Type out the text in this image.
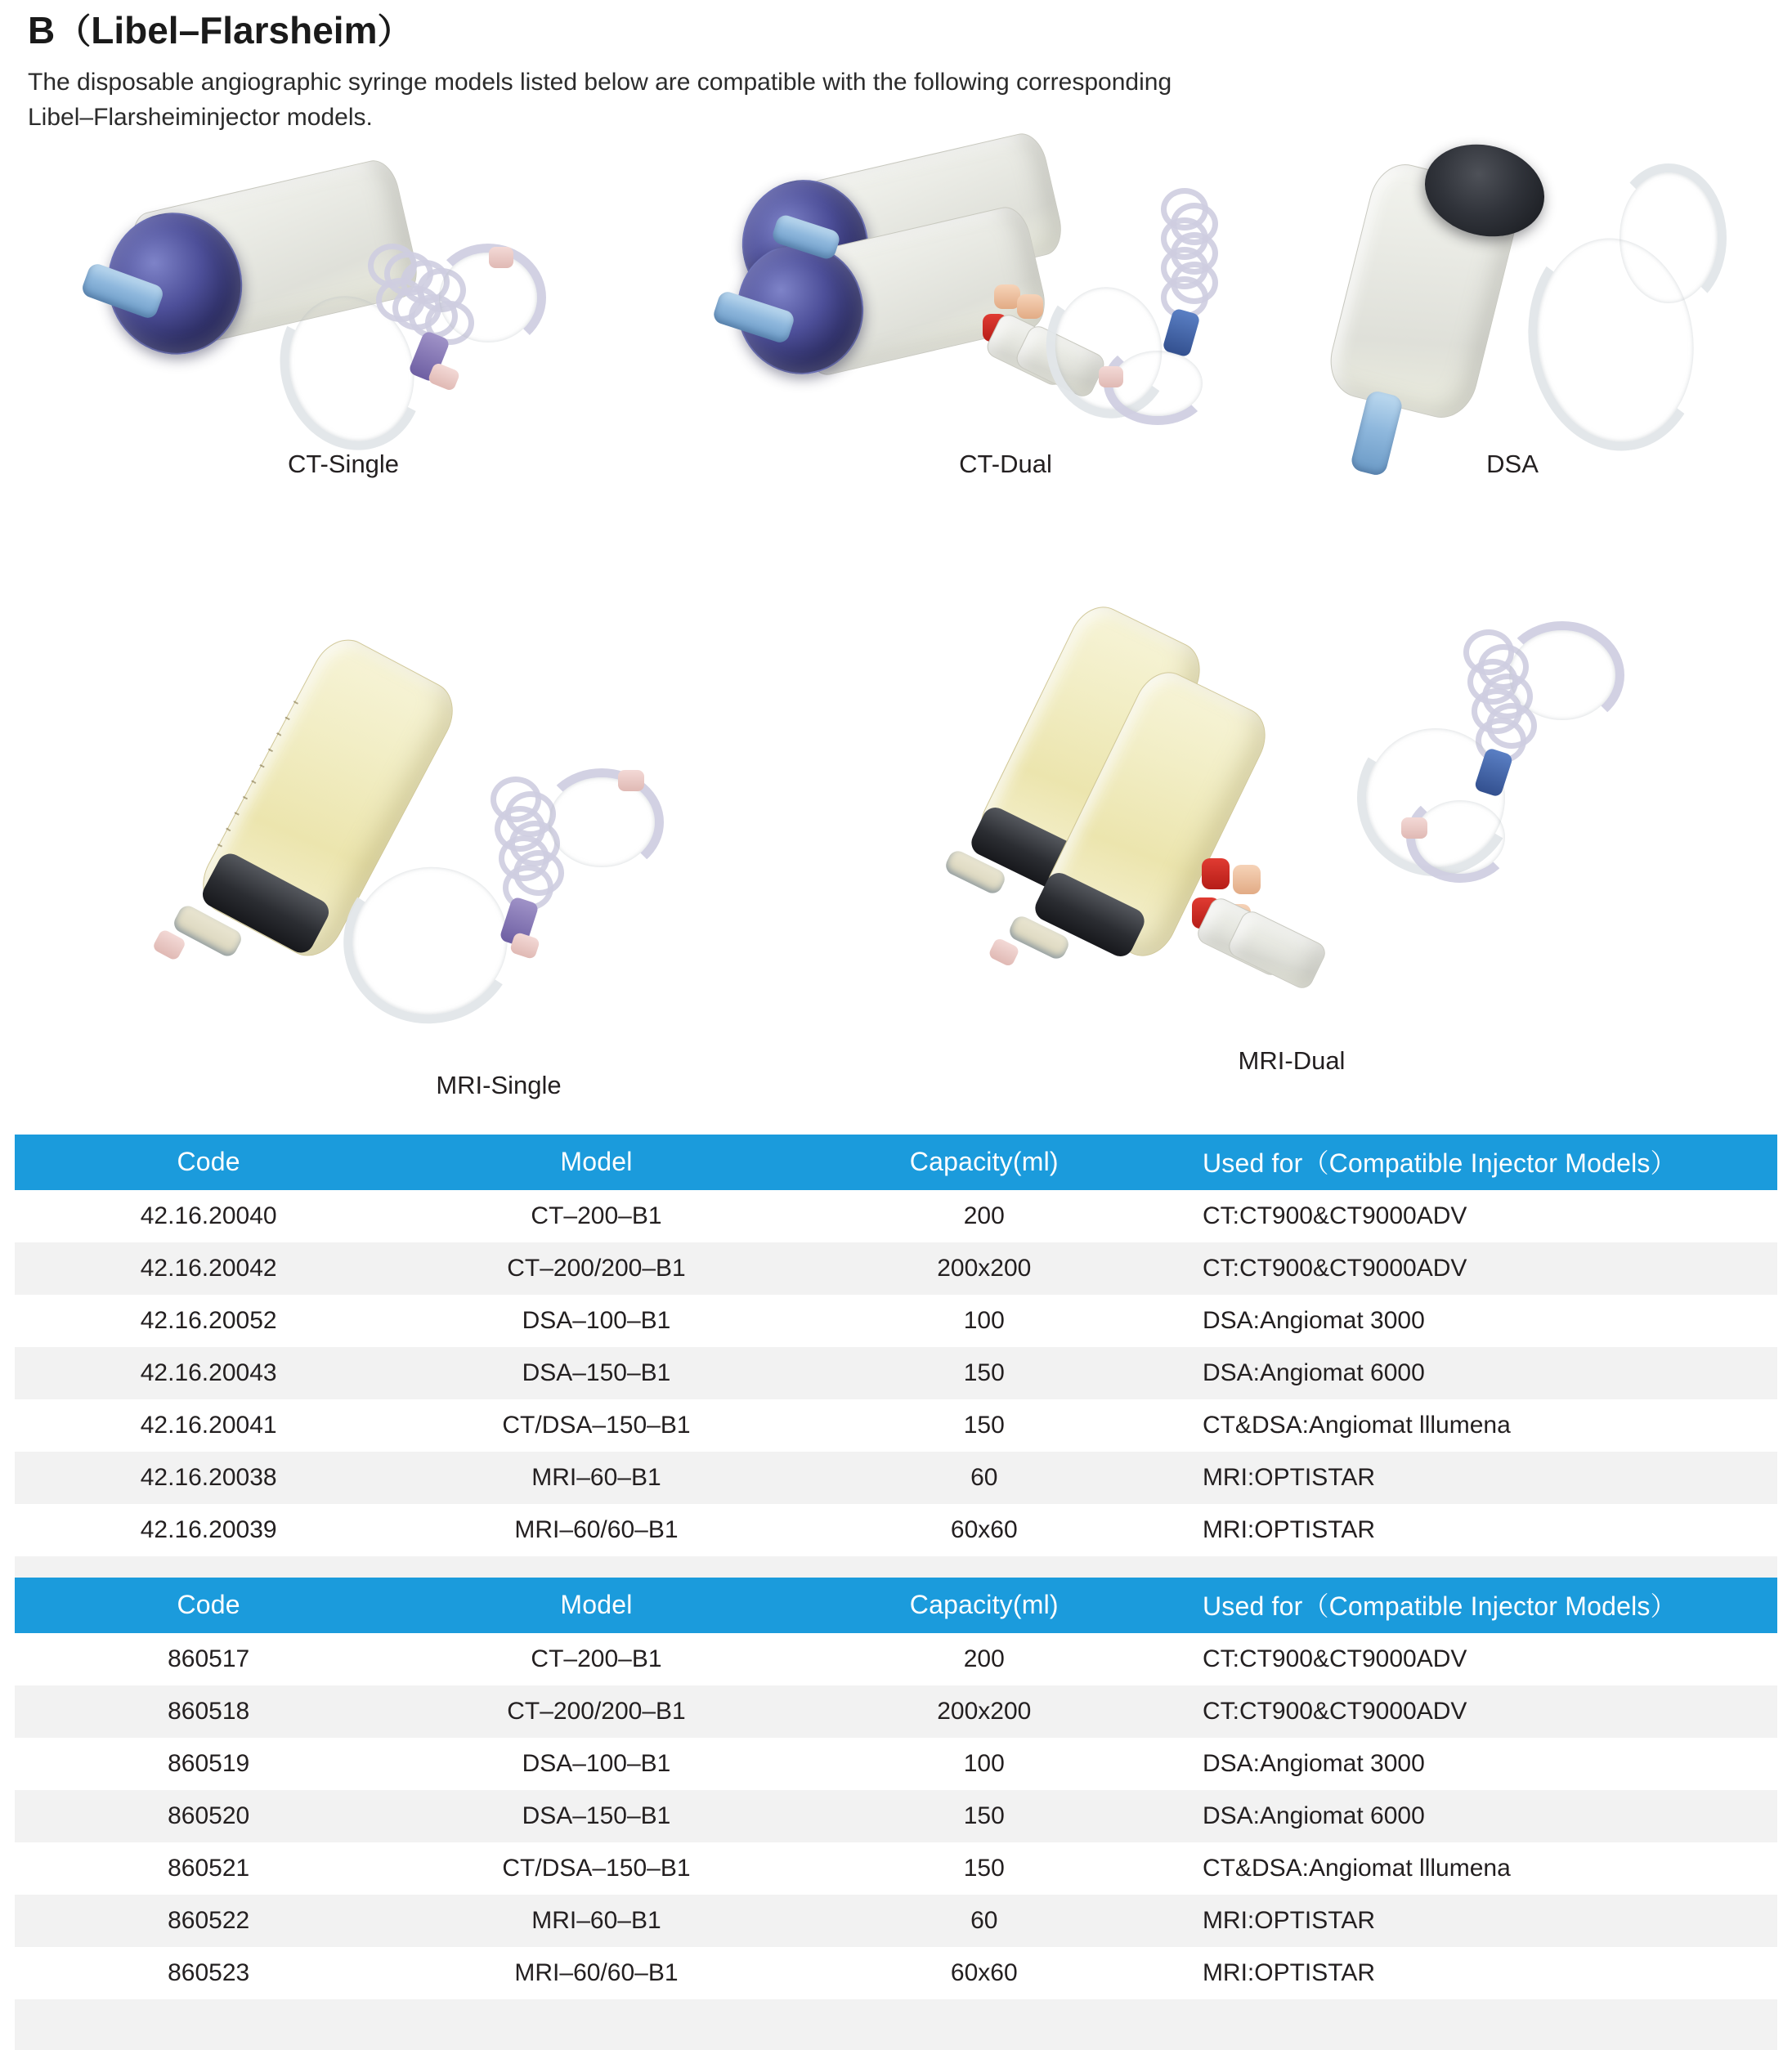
B （ Libel–Flarsheim ）
The disposable angiographic syringe models listed below are compatible with the following corresponding
Libel–Flarsheiminjector models.
CT-Single	CT-Dual	DSA
MRI-Single
MRI-Dual
Code	Model	Capacity(ml)	Used for（Compatible Injector Models）
42.16.20040	CT–200–B1	200	CT:CT900&CT9000ADV
42.16.20042	CT–200/200–B1	200x200	CT:CT900&CT9000ADV
42.16.20052	DSA–100–B1	100	DSA:Angiomat 3000
42.16.20043	DSA–150–B1	150	DSA:Angiomat 6000
42.16.20041	CT/DSA–150–B1	150	CT&DSA:Angiomat lllumena
42.16.20038	MRI–60–B1	60	MRI:OPTISTAR
42.16.20039	MRI–60/60–B1	60x60	MRI:OPTISTAR

Code	Model	Capacity(ml)	Used for（Compatible Injector Models）
860517	CT–200–B1	200	CT:CT900&CT9000ADV
860518	CT–200/200–B1	200x200	CT:CT900&CT9000ADV
860519	DSA–100–B1	100	DSA:Angiomat 3000
860520	DSA–150–B1	150	DSA:Angiomat 6000
860521	CT/DSA–150–B1	150	CT&DSA:Angiomat lllumena
860522	MRI–60–B1	60	MRI:OPTISTAR
860523	MRI–60/60–B1	60x60	MRI:OPTISTAR
